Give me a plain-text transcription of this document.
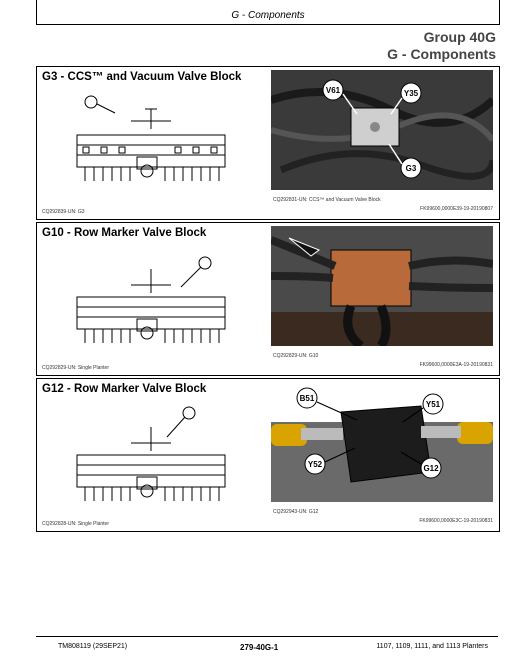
G - Components
Group 40G
G - Components
G3 - CCS™ and Vacuum Valve Block
CQ292839-UN: G3
V61	Y35
G3
CQ292831-UN: CCS™ and Vacuum Valve Block
FK99600,0000E39-19-20190807
G10 - Row Marker Valve Block
CQ292829-UN: Single Planter
CQ292829-UN: G10
FK99600,0000E3A-19-20190831
G12 - Row Marker Valve Block
CQ292828-UN: Single Planter
B51
Y51
Y52	G12
CQ292943-UN: G12
FK99600,0000E3C-19-20190831
TM808119 (29SEP21)	279-40G-1	1107, 1109, 1111, and 1113 Planters
